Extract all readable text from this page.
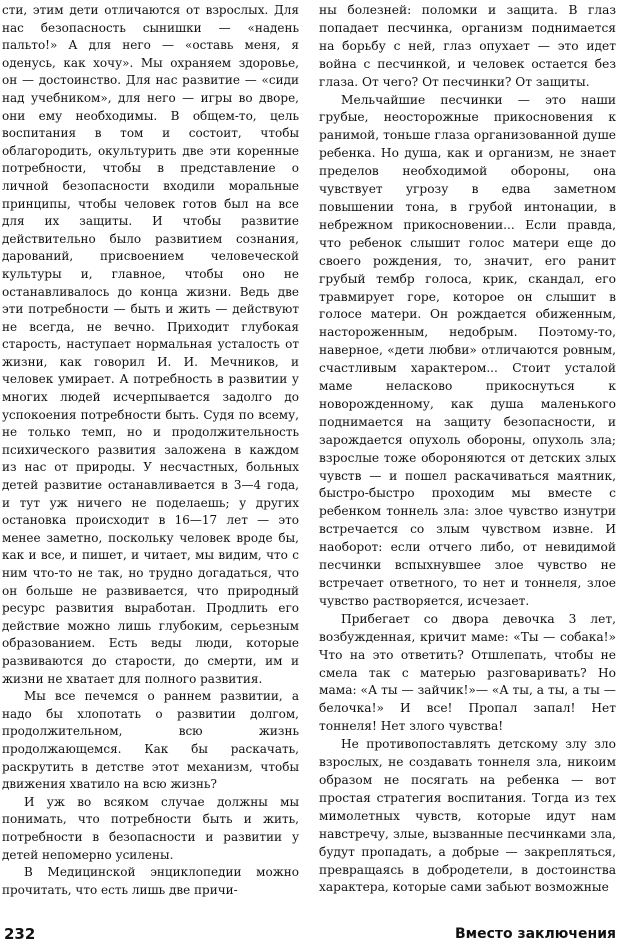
сти, этим дети отличаются от взрослых. Для нас безопасность сынишки — «надень пальто!» А для него — «оставь меня, я оденусь, как хочу». Мы охраняем здоровье, он — достоинство. Для нас развитие — «сиди над учебником», для него — игры во дворе, они ему необходимы. В общем-то, цель воспитания в том и состоит, чтобы облагородить, окультурить две эти коренные потребности, чтобы в представление о личной безопасности входили моральные принципы, чтобы человек готов был на все для их защиты. И чтобы развитие действительно было развитием сознания, дарований, присвоением человеческой культуры и, главное, чтобы оно не останавливалось до конца жизни. Ведь две эти потребности — быть и жить — действуют не всегда, не вечно. Приходит глубокая старость, наступает нормальная усталость от жизни, как говорил И. И. Мечников, и человек умирает. А потребность в развитии у многих людей исчерпывается задолго до успокоения потребности быть. Судя по всему, не только темп, но и продолжительность психического развития заложена в каждом из нас от природы. У несчастных, больных детей развитие останавливается в 3—4 года, и тут уж ничего не поделаешь; у других остановка происходит в 16—17 лет — это менее заметно, поскольку человек вроде бы, как и все, и пишет, и читает, мы видим, что с ним что-то не так, но трудно догадаться, что он больше не развивается, что природный ресурс развития выработан. Продлить его действие можно лишь глубоким, серьезным образованием. Есть веды люди, которые развиваются до старости, до смерти, им и жизни не хватает для полного развития.

Мы все печемся о раннем развитии, а надо бы хлопотать о развитии долгом, продолжительном, всю жизнь продолжающемся. Как бы раскачать, раскрутить в детстве этот механизм, чтобы движения хватило на всю жизнь?

И уж во всяком случае должны мы понимать, что потребности быть и жить, потребности в безопасности и развитии у детей непомерно усилены.

В Медицинской энциклопедии можно прочитать, что есть лишь две причи-

ны болезней: поломки и защита. В глаз попадает песчинка, организм поднимается на борьбу с ней, глаз опухает — это идет война с песчинкой, и человек остается без глаза. От чего? От песчинки? От защиты.

Мельчайшие песчинки — это наши грубые, неосторожные прикосновения к ранимой, тоньше глаза организованной душе ребенка. Но душа, как и организм, не знает пределов необходимой обороны, она чувствует угрозу в едва заметном повышении тона, в грубой интонации, в небрежном прикосновении... Если правда, что ребенок слышит голос матери еще до своего рождения, то, значит, его ранит грубый тембр голоса, крик, скандал, его травмирует горе, которое он слышит в голосе матери. Он рождается обиженным, настороженным, недобрым. Поэтому-то, наверное, «дети любви» отличаются ровным, счастливым характером... Стоит усталой маме неласково прикоснуться к новорожденному, как душа маленького поднимается на защиту безопасности, и зарождается опухоль обороны, опухоль зла; взрослые тоже обороняются от детских злых чувств — и пошел раскачиваться маятник, быстро-быстро проходим мы вместе с ребенком тоннель зла: злое чувство изнутри встречается со злым чувством извне. И наоборот: если отчего либо, от невидимой песчинки вспыхнувшее злое чувство не встречает ответного, то нет и тоннеля, злое чувство растворяется, исчезает.

Прибегает со двора девочка 3 лет, возбужденная, кричит маме: «Ты — собака!» Что на это ответить? Отшлепать, чтобы не смела так с матерью разговаривать? Но мама: «А ты — зайчик!»— «А ты, а ты, а ты — белочка!» И все! Пропал запал! Нет тоннеля! Нет злого чувства!

Не противопоставлять детскому злу зло взрослых, не создавать тоннеля зла, никоим образом не посягать на ребенка — вот простая стратегия воспитания. Тогда из тех мимолетных чувств, которые идут нам навстречу, злые, вызванные песчинками зла, будут пропадать, а добрые — закрепляться, превращаясь в добродетели, в достоинства характера, которые сами забьют возможные

232	Вместо заключения
